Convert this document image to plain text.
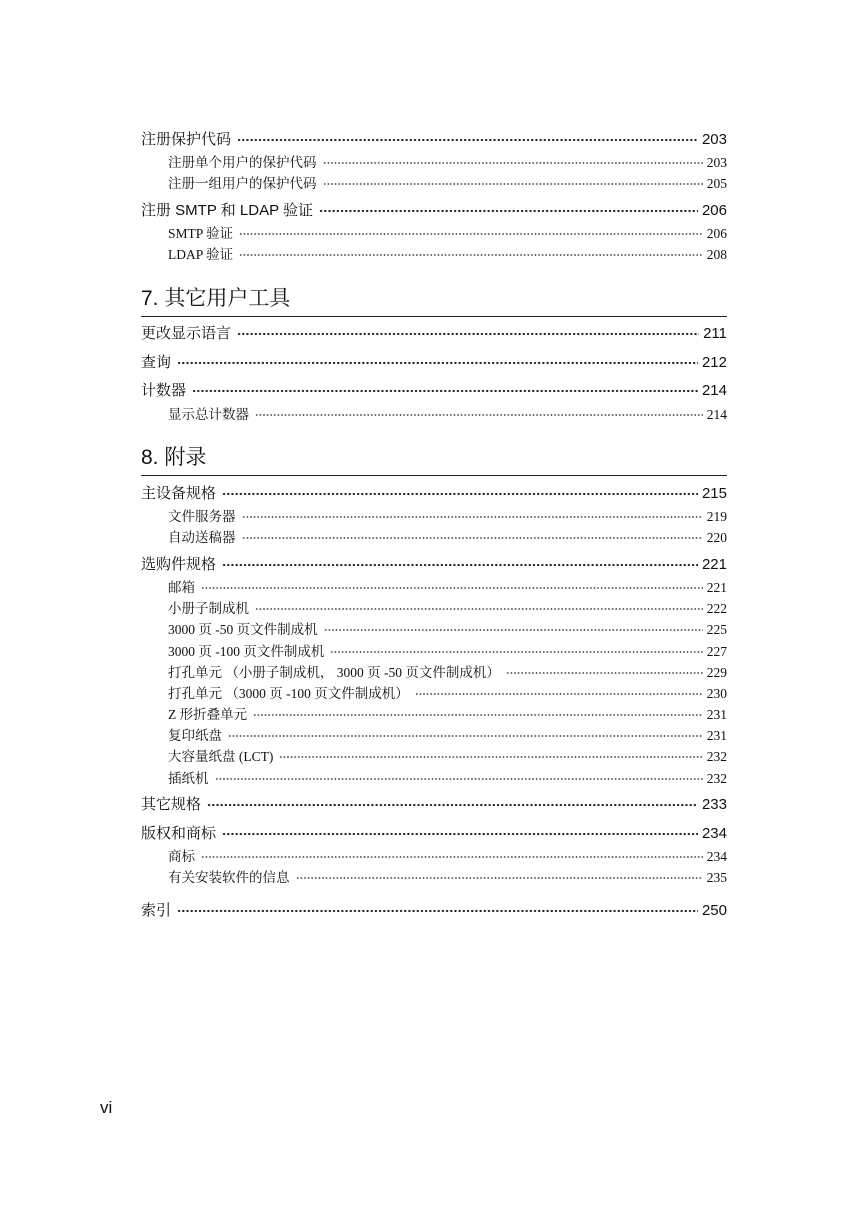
注册保护代码	203
注册单个用户的保护代码	203
注册一组用户的保护代码	205
注册 SMTP 和 LDAP 验证	206
SMTP 验证	206
LDAP 验证	208
7. 其它用户工具
更改显示语言	211
查询	212
计数器	214
显示总计数器	214
8. 附录
主设备规格	215
文件服务器	219
自动送稿器	220
选购件规格	221
邮箱	221
小册子制成机	222
3000 页 -50 页文件制成机	225
3000 页 -100 页文件制成机	227
打孔单元 （小册子制成机， 3000 页 -50 页文件制成机）	229
打孔单元 （3000 页 -100 页文件制成机）	230
Z 形折叠单元	231
复印纸盘	231
大容量纸盘 (LCT)	232
插纸机	232
其它规格	233
版权和商标	234
商标	234
有关安装软件的信息	235
索引	250
vi
